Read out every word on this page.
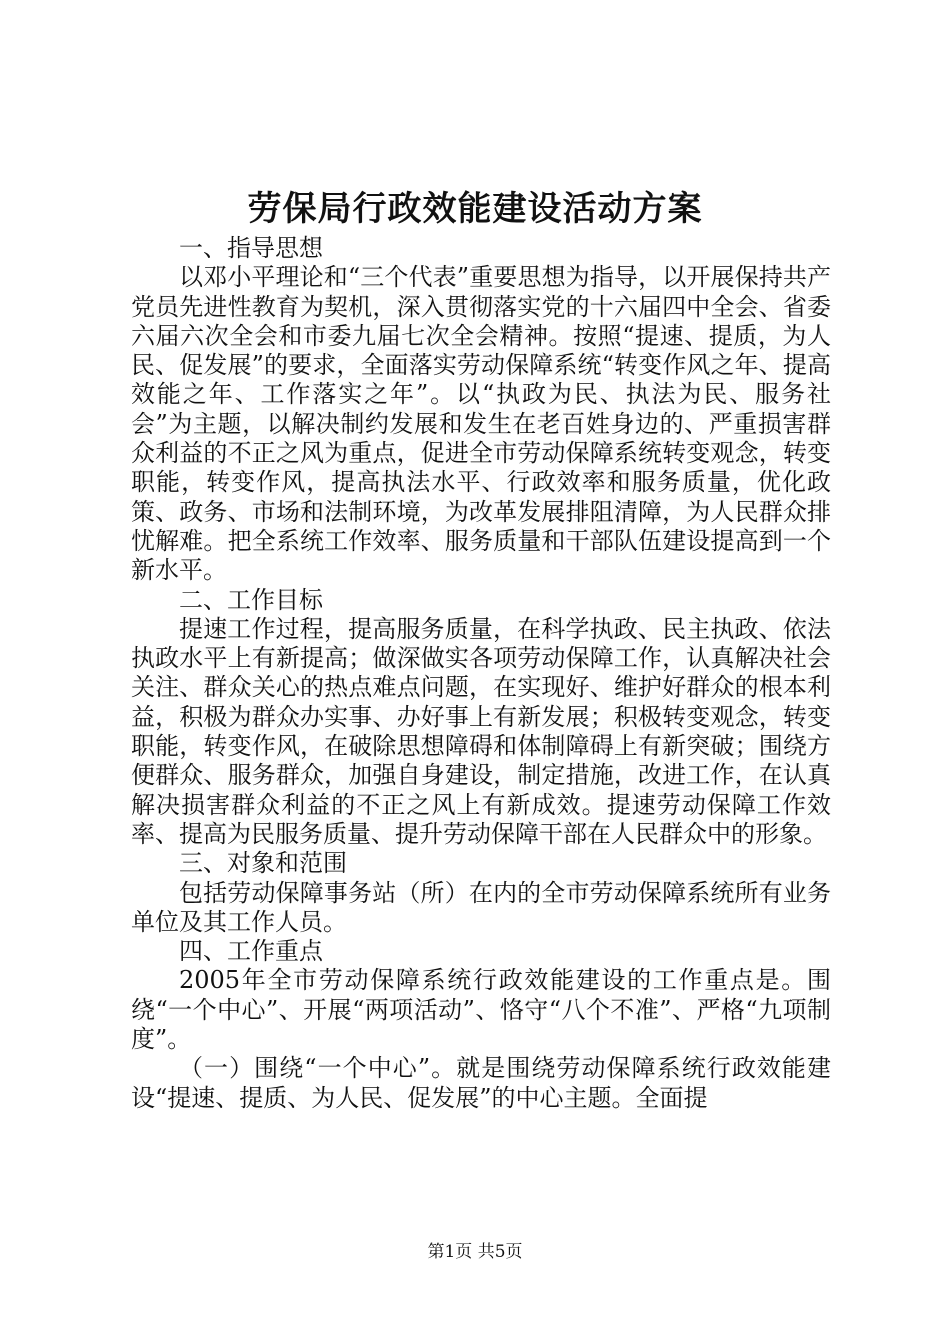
劳保局行政效能建设活动方案

一、指导思想

以邓小平理论和“三个代表”重要思想为指导，以开展保持共产党员先进性教育为契机，深入贯彻落实党的十六届四中全会、省委六届六次全会和市委九届七次全会精神。按照“提速、提质，为人民、促发展”的要求，全面落实劳动保障系统“转变作风之年、提高效能之年、工作落实之年”。以“执政为民、执法为民、服务社会”为主题，以解决制约发展和发生在老百姓身边的、严重损害群众利益的不正之风为重点，促进全市劳动保障系统转变观念，转变职能，转变作风，提高执法水平、行政效率和服务质量，优化政策、政务、市场和法制环境，为改革发展排阻清障，为人民群众排忧解难。把全系统工作效率、服务质量和干部队伍建设提高到一个新水平。

二、工作目标

提速工作过程，提高服务质量，在科学执政、民主执政、依法执政水平上有新提高；做深做实各项劳动保障工作，认真解决社会关注、群众关心的热点难点问题，在实现好、维护好群众的根本利益，积极为群众办实事、办好事上有新发展；积极转变观念，转变职能，转变作风，在破除思想障碍和体制障碍上有新突破；围绕方便群众、服务群众，加强自身建设，制定措施，改进工作，在认真解决损害群众利益的不正之风上有新成效。提速劳动保障工作效率、提高为民服务质量、提升劳动保障干部在人民群众中的形象。

三、对象和范围

包括劳动保障事务站（所）在内的全市劳动保障系统所有业务单位及其工作人员。

四、工作重点

2005年全市劳动保障系统行政效能建设的工作重点是。围绕“一个中心”、开展“两项活动”、恪守“八个不准”、严格“九项制度”。

（一）围绕“一个中心”。就是围绕劳动保障系统行政效能建设“提速、提质、为人民、促发展”的中心主题。全面提

第1页 共5页
